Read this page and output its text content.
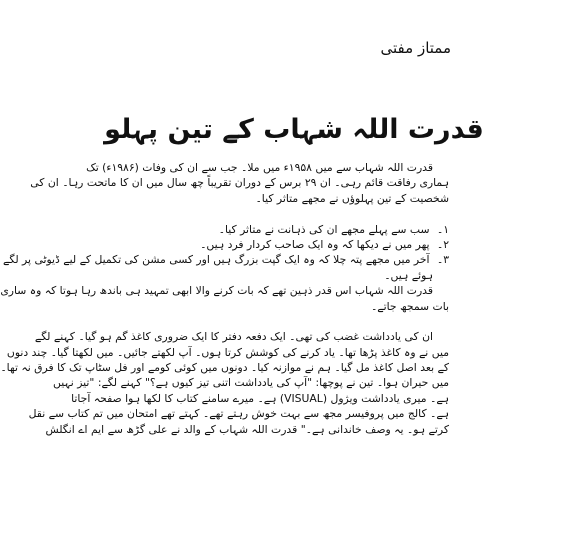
ممتاز مفتی
قدرت اللہ شہاب کے تین پہلو
قدرت اللہ شہاب سے میں ۱۹۵۸ء میں ملا۔ جب سے ان کی وفات (۱۹۸۶ء) تک
ہماری رفاقت قائم رہی۔ ان ۲۹ برس کے دوران تقریباً چھ سال میں ان کا ماتحت رہا۔ ان کی
شخصیت کے تین پہلوؤں نے مجھے متاثر کیا۔
۱۔ سب سے پہلے مجھے ان کی ذہانت نے متاثر کیا۔
۲۔ پھر میں نے دیکھا کہ وہ ایک صاحب کردار فرد ہیں۔
۳۔ آخر میں مجھے پتہ چلا کہ وہ ایک گپت بزرگ ہیں اور کسی مشن کی تکمیل کے لیے ڈیوٹی پر لگے
ہوئے ہیں۔
قدرت اللہ شہاب اس قدر ذہین تھے کہ بات کرنے والا ابھی تمہید ہی باندھ رہا ہوتا کہ وہ ساری
بات سمجھ جاتے۔
ان کی یادداشت غضب کی تھی۔ ایک دفعہ دفتر کا ایک ضروری کاغذ گم ہو گیا۔ کہنے لگے
میں نے وہ کاغذ پڑھا تھا۔ یاد کرنے کی کوشش کرتا ہوں۔ آپ لکھتے جائیں۔ میں لکھتا گیا۔ چند دنوں
کے بعد اصل کاغذ مل گیا۔ ہم نے موازنہ کیا۔ دونوں میں کوئی کومے اور فل سٹاپ تک کا فرق نہ تھا۔
میں حیران ہوا۔ تین نے پوچھا: "آپ کی یادداشت اتنی تیز کیوں ہے؟" کہنے لگے: "تیز نہیں
ہے۔ میری یادداشت ویژول (VISUAL) ہے۔ میرے سامنے کتاب کا لکھا ہوا صفحہ آجاتا
ہے۔ کالج میں پروفیسر مجھ سے بہت خوش رہتے تھے۔ کہتے تھے امتحان میں تم کتاب سے نقل
کرتے ہو۔ یہ وصف خاندانی ہے۔" قدرت اللہ شہاب کے والد نے علی گڑھ سے ایم اے انگلش
